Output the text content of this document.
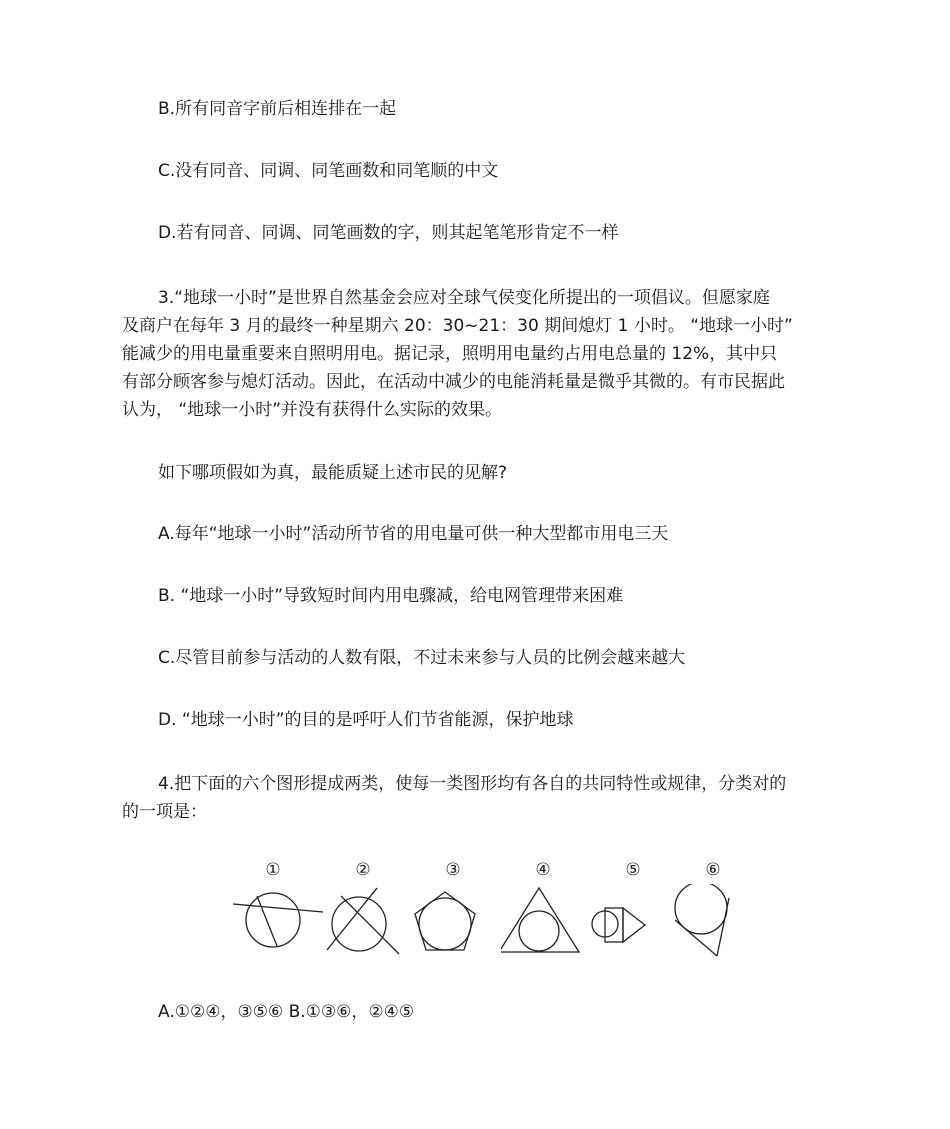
B.所有同音字前后相连排在一起
C.没有同音、同调、同笔画数和同笔顺的中文
D.若有同音、同调、同笔画数的字，则其起笔笔形肯定不一样
3.“地球一小时”是世界自然基金会应对全球气侯变化所提出的一项倡议。但愿家庭
及商户在每年 3 月的最终一种星期六 20：30~21：30 期间熄灯 1 小时。 “地球一小时”
能减少的用电量重要来自照明用电。据记录，照明用电量约占用电总量的 12%，其中只
有部分顾客参与熄灯活动。因此，在活动中减少的电能消耗量是微乎其微的。有市民据此
认为， “地球一小时”并没有获得什么实际的效果。
如下哪项假如为真，最能质疑上述市民的见解?
A.每年“地球一小时”活动所节省的用电量可供一种大型都市用电三天
B. “地球一小时”导致短时间内用电骤减，给电网管理带来困难
C.尽管目前参与活动的人数有限，不过未来参与人员的比例会越来越大
D. “地球一小时”的目的是呼吁人们节省能源，保护地球
4.把下面的六个图形提成两类，使每一类图形均有各自的共同特性或规律，分类对的
的一项是：
①	②	③	④	⑤	⑥
A.①②④，③⑤⑥ B.①③⑥，②④⑤
